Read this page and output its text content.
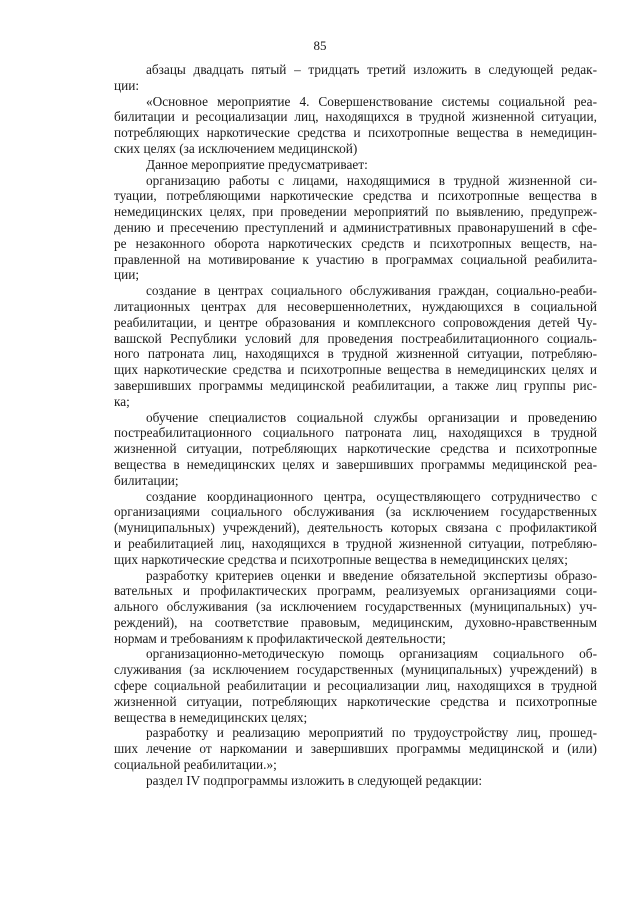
85
абзацы двадцать пятый – тридцать третий изложить в следующей редак-
ции:
«Основное мероприятие 4. Совершенствование системы социальной реа-
билитации и ресоциализации лиц, находящихся в трудной жизненной ситуации,
потребляющих наркотические средства и психотропные вещества в немедицин-
ских целях (за исключением медицинской)
Данное мероприятие предусматривает:
организацию работы с лицами, находящимися в трудной жизненной си-
туации, потребляющими наркотические средства и психотропные вещества в
немедицинских целях, при проведении мероприятий по выявлению, предупреж-
дению и пресечению преступлений и административных правонарушений в сфе-
ре незаконного оборота наркотических средств и психотропных веществ, на-
правленной на мотивирование к участию в программах социальной реабилита-
ции;
создание в центрах социального обслуживания граждан, социально-реаби-
литационных центрах для несовершеннолетних, нуждающихся в социальной
реабилитации, и центре образования и комплексного сопровождения детей Чу-
вашской Республики условий для проведения постреабилитационного социаль-
ного патроната лиц, находящихся в трудной жизненной ситуации, потребляю-
щих наркотические средства и психотропные вещества в немедицинских целях и
завершивших программы медицинской реабилитации, а также лиц группы рис-
ка;
обучение специалистов социальной службы организации и проведению
постреабилитационного социального патроната лиц, находящихся в трудной
жизненной ситуации, потребляющих наркотические средства и психотропные
вещества в немедицинских целях и завершивших программы медицинской реа-
билитации;
создание координационного центра, осуществляющего сотрудничество с
организациями социального обслуживания (за исключением государственных
(муниципальных) учреждений), деятельность которых связана с профилактикой
и реабилитацией лиц, находящихся в трудной жизненной ситуации, потребляю-
щих наркотические средства и психотропные вещества в немедицинских целях;
разработку критериев оценки и введение обязательной экспертизы образо-
вательных и профилактических программ, реализуемых организациями соци-
ального обслуживания (за исключением государственных (муниципальных) уч-
реждений), на соответствие правовым, медицинским, духовно-нравственным
нормам и требованиям к профилактической деятельности;
организационно-методическую помощь организациям социального об-
служивания (за исключением государственных (муниципальных) учреждений) в
сфере социальной реабилитации и ресоциализации лиц, находящихся в трудной
жизненной ситуации, потребляющих наркотические средства и психотропные
вещества в немедицинских целях;
разработку и реализацию мероприятий по трудоустройству лиц, прошед-
ших лечение от наркомании и завершивших программы медицинской и (или)
социальной реабилитации.»;
раздел IV подпрограммы изложить в следующей редакции:
